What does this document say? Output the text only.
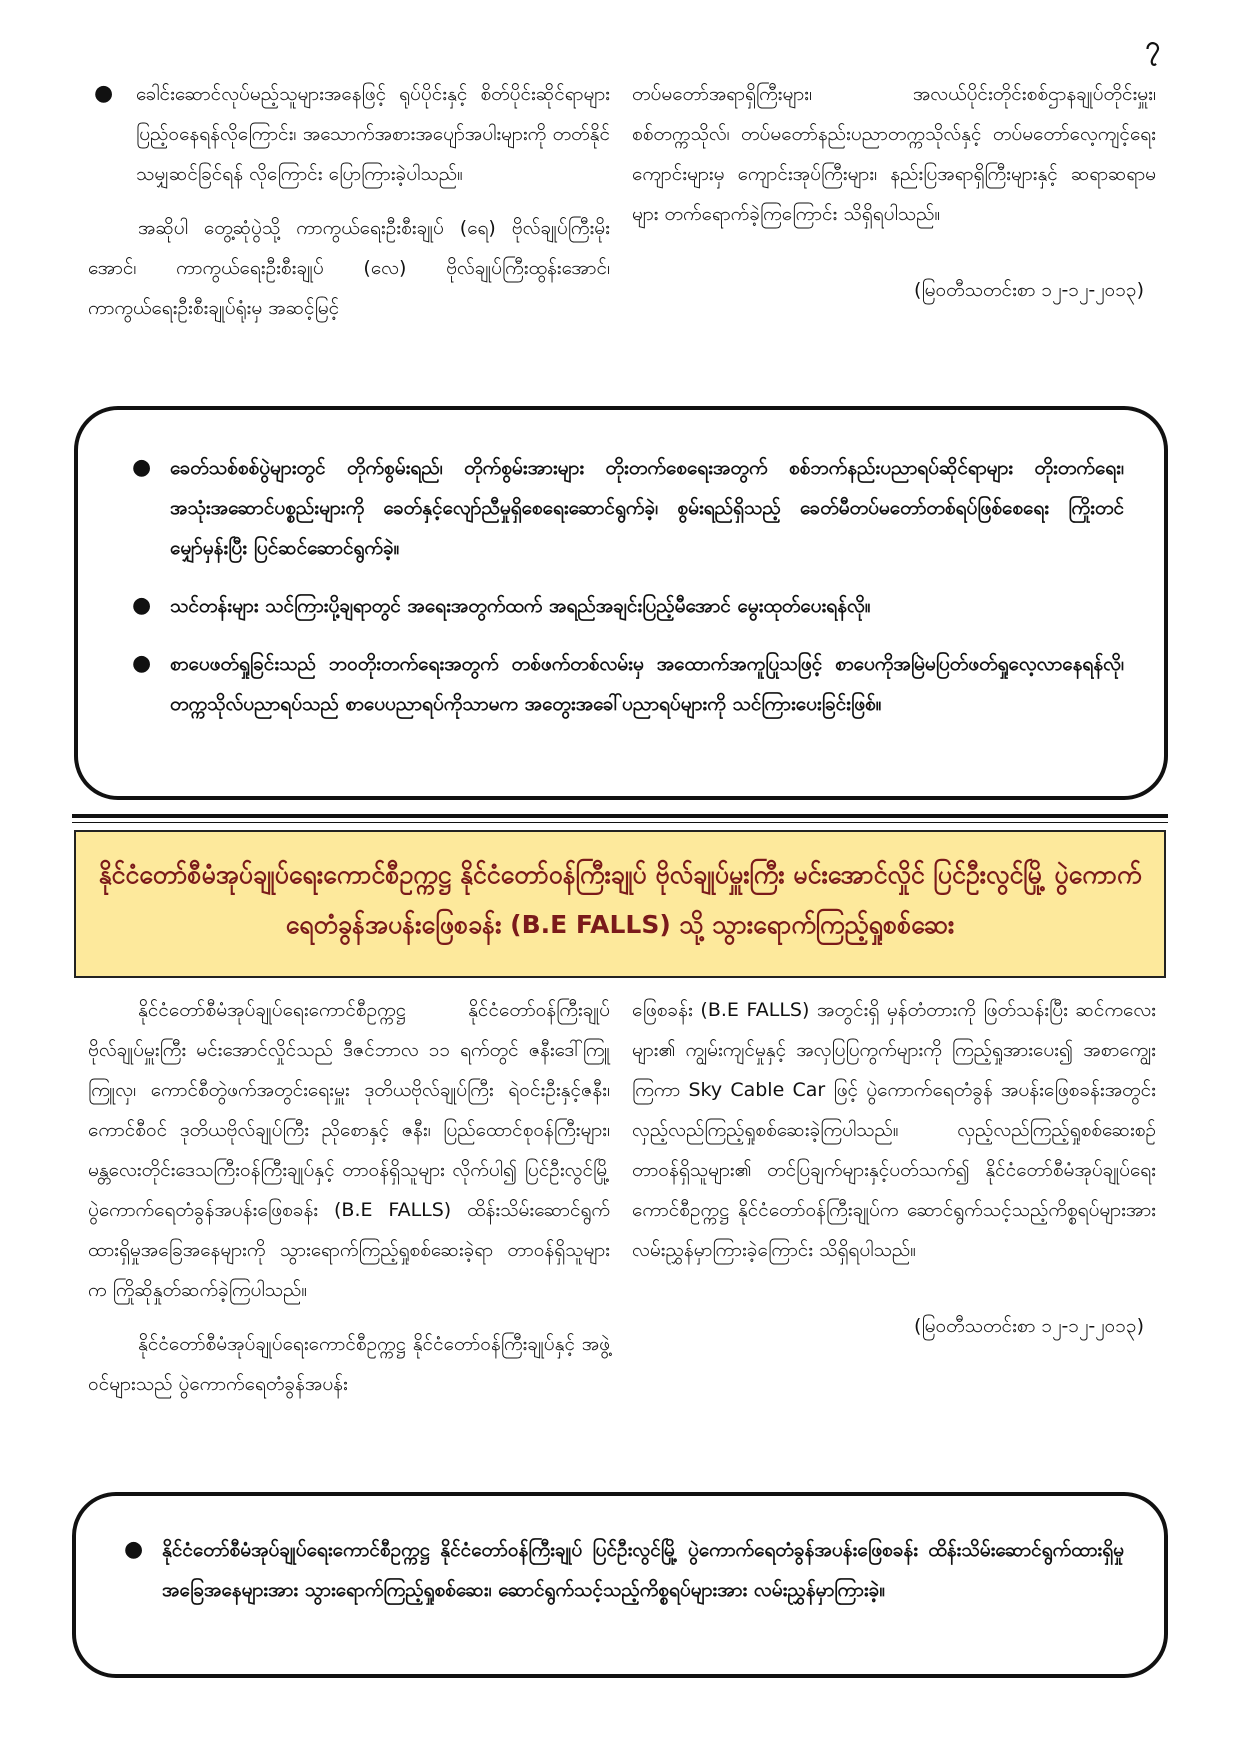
၇

● ခေါင်းဆောင်လုပ်မည့်သူများအနေဖြင့် ရုပ်ပိုင်းနှင့် စိတ်ပိုင်းဆိုင်ရာများ ပြည့်ဝနေရန်လိုကြောင်း၊ အသောက်အစားအပျော်အပါးများကို တတ်နိုင်သမျှဆင်ခြင်ရန် လိုကြောင်း ပြောကြားခဲ့ပါသည်။

အဆိုပါ တွေ့ဆုံပွဲသို့ ကာကွယ်ရေးဦးစီးချုပ် (ရေ) ဗိုလ်ချုပ်ကြီးမိုးအောင်၊ ကာကွယ်ရေးဦးစီးချုပ် (လေ) ဗိုလ်ချုပ်ကြီးထွန်းအောင်၊ ကာကွယ်ရေးဦးစီးချုပ်ရုံးမှ အဆင့်မြင့်

တပ်မတော်အရာရှိကြီးများ၊ အလယ်ပိုင်းတိုင်းစစ်ဌာနချုပ်တိုင်းမှူး၊ စစ်တက္ကသိုလ်၊ တပ်မတော်နည်းပညာတက္ကသိုလ်နှင့် တပ်မတော်လေ့ကျင့်ရေးကျောင်းများမှ ကျောင်းအုပ်ကြီးများ၊ နည်းပြအရာရှိကြီးများနှင့် ဆရာဆရာမများ တက်ရောက်ခဲ့ကြကြောင်း သိရှိရပါသည်။

(မြဝတီသတင်းစာ ၁၂-၁၂-၂၀၁၃)

● ခေတ်သစ်စစ်ပွဲများတွင် တိုက်စွမ်းရည်၊ တိုက်စွမ်းအားများ တိုးတက်စေရေးအတွက် စစ်ဘက်နည်းပညာရပ်ဆိုင်ရာများ တိုးတက်ရေး၊ အသုံးအဆောင်ပစ္စည်းများကို ခေတ်နှင့်လျော်ညီမှုရှိစေရေးဆောင်ရွက်ခဲ့၊ စွမ်းရည်ရှိသည့် ခေတ်မီတပ်မတော်တစ်ရပ်ဖြစ်စေရေး ကြိုးတင်မျှော်မှန်းပြီး ပြင်ဆင်ဆောင်ရွက်ခဲ့။
● သင်တန်းများ သင်ကြားပို့ချရာတွင် အရေးအတွက်ထက် အရည်အချင်းပြည့်မီအောင် မွေးထုတ်ပေးရန်လို။
● စာပေဖတ်ရှုခြင်းသည် ဘဝတိုးတက်ရေးအတွက် တစ်ဖက်တစ်လမ်းမှ အထောက်အကူပြုသဖြင့် စာပေကိုအမြဲမပြတ်ဖတ်ရှုလေ့လာနေရန်လို၊ တက္ကသိုလ်ပညာရပ်သည် စာပေပညာရပ်ကိုသာမက အတွေးအခေါ်ပညာရပ်များကို သင်ကြားပေးခြင်းဖြစ်။
နိုင်ငံတော်စီမံအုပ်ချုပ်ရေးကောင်စီဥက္ကဋ္ဌ နိုင်ငံတော်ဝန်ကြီးချုပ် ဗိုလ်ချုပ်မှူးကြီး မင်းအောင်လှိုင် ပြင်ဦးလွင်မြို့ ပွဲကောက်ရေတံခွန်အပန်းဖြေစခန်း (B.E FALLS) သို့ သွားရောက်ကြည့်ရှုစစ်ဆေး

နိုင်ငံတော်စီမံအုပ်ချုပ်ရေးကောင်စီဥက္ကဋ္ဌ နိုင်ငံတော်ဝန်ကြီးချုပ် ဗိုလ်ချုပ်မှူးကြီး မင်းအောင်လှိုင်သည် ဒီဇင်ဘာလ ၁၁ ရက်တွင် ဇနီးဒေါ်ကြူကြူလှ၊ ကောင်စီတွဲဖက်အတွင်းရေးမှူး ဒုတိယဗိုလ်ချုပ်ကြီး ရဲဝင်းဦးနှင့်ဇနီး၊ ကောင်စီဝင် ဒုတိယဗိုလ်ချုပ်ကြီး ညိုစောနှင့် ဇနီး၊ ပြည်ထောင်စုဝန်ကြီးများ၊ မန္တလေးတိုင်းဒေသကြီးဝန်ကြီးချုပ်နှင့် တာဝန်ရှိသူများ လိုက်ပါ၍ ပြင်ဦးလွင်မြို့ ပွဲကောက်ရေတံခွန်အပန်းဖြေစခန်း (B.E FALLS) ထိန်းသိမ်းဆောင်ရွက်ထားရှိမှုအခြေအနေများကို သွားရောက်ကြည့်ရှုစစ်ဆေးခဲ့ရာ တာဝန်ရှိသူများက ကြိုဆိုနှုတ်ဆက်ခဲ့ကြပါသည်။

နိုင်ငံတော်စီမံအုပ်ချုပ်ရေးကောင်စီဥက္ကဋ္ဌ နိုင်ငံတော်ဝန်ကြီးချုပ်နှင့် အဖွဲ့ဝင်များသည် ပွဲကောက်ရေတံခွန်အပန်း

ဖြေစခန်း (B.E FALLS) အတွင်းရှိ မှန်တံတားကို ဖြတ်သန်းပြီး ဆင်ကလေးများ၏ ကျွမ်းကျင်မှုနှင့် အလှပြပြကွက်များကို ကြည့်ရှုအားပေး၍ အစာကျွေးကြကာ Sky Cable Car ဖြင့် ပွဲကောက်ရေတံခွန် အပန်းဖြေစခန်းအတွင်း လှည့်လည်ကြည့်ရှုစစ်ဆေးခဲ့ကြပါသည်။ လှည့်လည်ကြည့်ရှုစစ်ဆေးစဉ် တာဝန်ရှိသူများ၏ တင်ပြချက်များနှင့်ပတ်သက်၍ နိုင်ငံတော်စီမံအုပ်ချုပ်ရေးကောင်စီဥက္ကဋ္ဌ နိုင်ငံတော်ဝန်ကြီးချုပ်က ဆောင်ရွက်သင့်သည့်ကိစ္စရပ်များအား လမ်းညွှန်မှာကြားခဲ့ကြောင်း သိရှိရပါသည်။

(မြဝတီသတင်းစာ ၁၂-၁၂-၂၀၁၃)

● နိုင်ငံတော်စီမံအုပ်ချုပ်ရေးကောင်စီဥက္ကဋ္ဌ နိုင်ငံတော်ဝန်ကြီးချုပ် ပြင်ဦးလွင်မြို့ ပွဲကောက်ရေတံခွန်အပန်းဖြေစခန်း ထိန်းသိမ်းဆောင်ရွက်ထားရှိမှု အခြေအနေများအား သွားရောက်ကြည့်ရှုစစ်ဆေး၊ ဆောင်ရွက်သင့်သည့်ကိစ္စရပ်များအား လမ်းညွှန်မှာကြားခဲ့။
